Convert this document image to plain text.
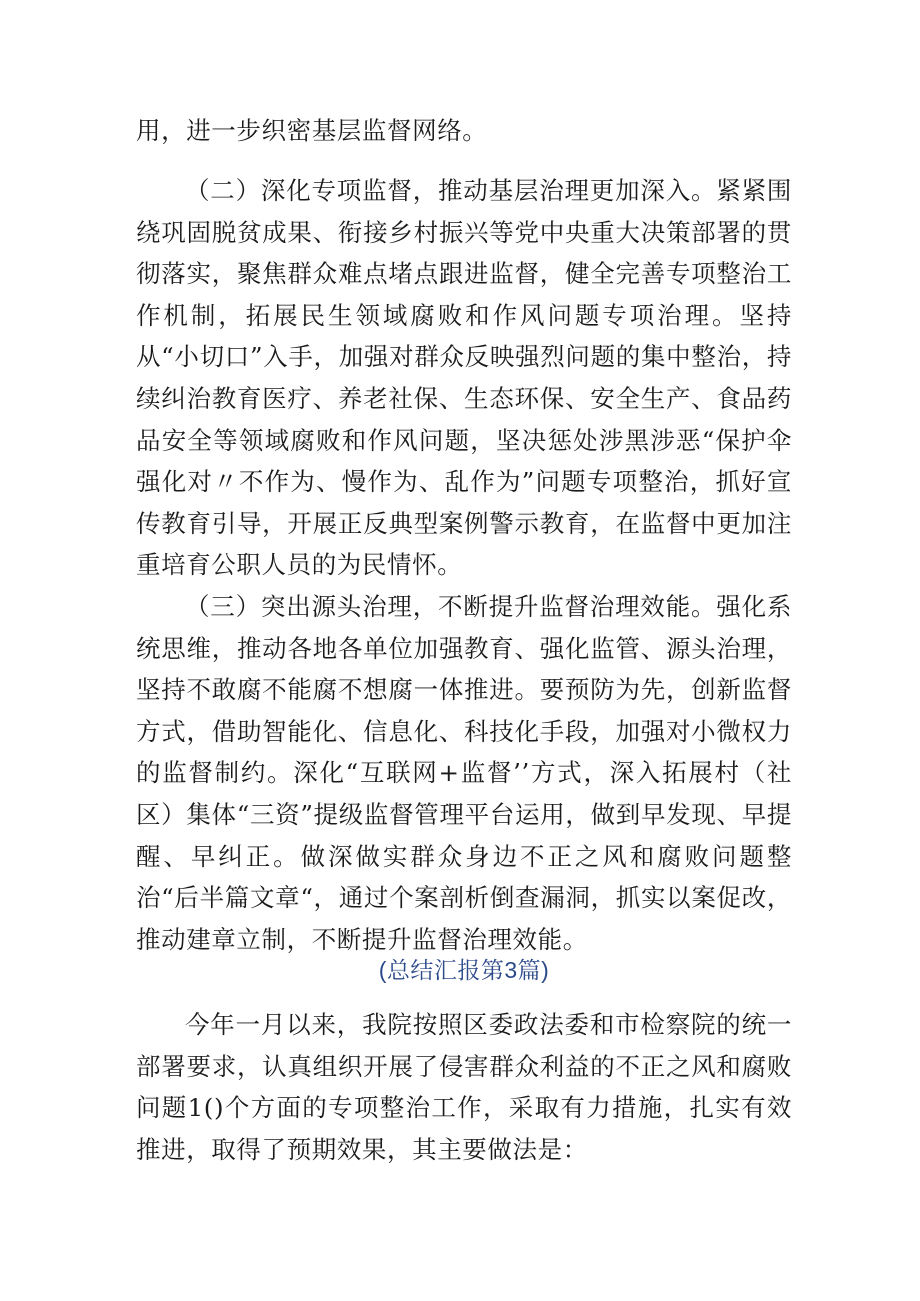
用，进一步织密基层监督网络。

（二）深化专项监督，推动基层治理更加深入。紧紧围绕巩固脱贫成果、衔接乡村振兴等党中央重大决策部署的贯彻落实，聚焦群众难点堵点跟进监督，健全完善专项整治工作机制，拓展民生领域腐败和作风问题专项治理。坚持从“小切口”入手，加强对群众反映强烈问题的集中整治，持续纠治教育医疗、养老社保、生态环保、安全生产、食品药品安全等领域腐败和作风问题，坚决惩处涉黑涉恶“保护伞强化对〃不作为、慢作为、乱作为”问题专项整治，抓好宣传教育引导，开展正反典型案例警示教育，在监督中更加注重培育公职人员的为民情怀。

（三）突出源头治理，不断提升监督治理效能。强化系统思维，推动各地各单位加强教育、强化监管、源头治理，坚持不敢腐不能腐不想腐一体推进。要预防为先，创新监督方式，借助智能化、信息化、科技化手段，加强对小微权力的监督制约。深化“互联网+监督’’方式，深入拓展村（社区）集体“三资”提级监督管理平台运用，做到早发现、早提醒、早纠正。做深做实群众身边不正之风和腐败问题整治“后半篇文章“，通过个案剖析倒查漏洞，抓实以案促改，推动建章立制，不断提升监督治理效能。

(总结汇报第3篇)

今年一月以来，我院按照区委政法委和市检察院的统一部署要求，认真组织开展了侵害群众利益的不正之风和腐败问题1()个方面的专项整治工作，采取有力措施，扎实有效推进，取得了预期效果，其主要做法是：
